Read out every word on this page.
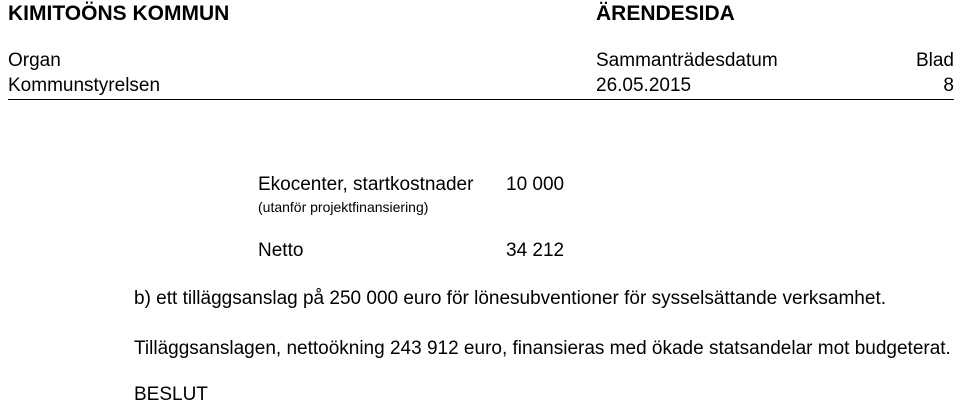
KIMITOÖNS KOMMUN	ÄRENDESIDA
Organ	Sammanträdesdatum	Blad
Kommunstyrelsen	26.05.2015	8
Ekocenter, startkostnader 10 000
(utanför projektfinansiering)
Netto	34 212
b) ett tilläggsanslag på 250 000 euro för lönesubventioner för sysselsättande verksamhet.
Tilläggsanslagen, nettoökning 243 912 euro, finansieras med ökade statsandelar mot budgeterat.
BESLUT
